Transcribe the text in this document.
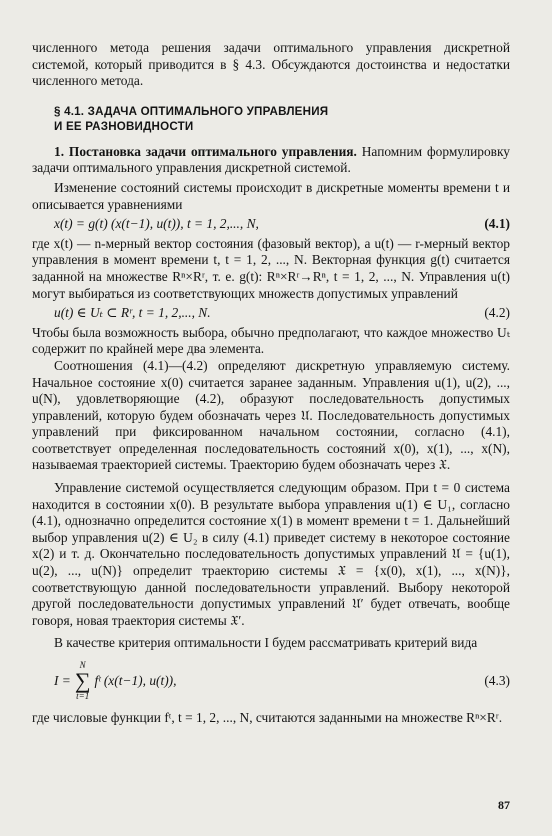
численного метода решения задачи оптимального управления дискретной системой, который приводится в § 4.3. Обсуждаются достоинства и недостатки численного метода.

§ 4.1. ЗАДАЧА ОПТИМАЛЬНОГО УПРАВЛЕНИЯ
И ЕЕ РАЗНОВИДНОСТИ

1. Постановка задачи оптимального управления. Напомним формулировку задачи оптимального управления дискретной системой.

Изменение состояний системы происходит в дискретные моменты времени t и описывается уравнениями

x(t) = g(t) (x(t−1), u(t)), t = 1, 2,..., N,	(4.1)

где x(t) — n-мерный вектор состояния (фазовый вектор), а u(t) — r-мерный вектор управления в момент времени t, t = 1, 2, ..., N. Векторная функция g(t) считается заданной на множестве Rⁿ×Rʳ, т. е. g(t): Rⁿ×Rʳ→Rⁿ, t = 1, 2, ..., N. Управления u(t) могут выбираться из соответствующих множеств допустимых управлений

u(t) ∈ Uₜ ⊂ Rʳ, t = 1, 2,..., N.	(4.2)

Чтобы была возможность выбора, обычно предполагают, что каждое множество Uₜ содержит по крайней мере два элемента.

Соотношения (4.1)—(4.2) определяют дискретную управляемую систему. Начальное состояние x(0) считается заранее заданным. Управления u(1), u(2), ..., u(N), удовлетворяющие (4.2), образуют последовательность допустимых управлений, которую будем обозначать через 𝔘. Последовательность допустимых управлений при фиксированном начальном состоянии, согласно (4.1), соответствует определенная последовательность состояний x(0), x(1), ..., x(N), называемая траекторией системы. Траекторию будем обозначать через 𝔛.

Управление системой осуществляется следующим образом. При t = 0 система находится в состоянии x(0). В результате выбора управления u(1) ∈ U₁, согласно (4.1), однозначно определится состояние x(1) в момент времени t = 1. Дальнейший выбор управления u(2) ∈ U₂ в силу (4.1) приведет систему в некоторое состояние x(2) и т. д. Окончательно последовательность допустимых управлений 𝔘 = {u(1), u(2), ..., u(N)} определит траекторию системы 𝔛 = {x(0), x(1), ..., x(N)}, соответствующую данной последовательности управлений. Выбору некоторой другой последовательности допустимых управлений 𝔘′ будет отвечать, вообще говоря, новая траектория системы 𝔛′.

В качестве критерия оптимальности I будем рассматривать критерий вида

I =
N
∑
t=1
fᵗ (x(t−1), u(t)),	(4.3)

где числовые функции fᵗ, t = 1, 2, ..., N, считаются заданными на множестве Rⁿ×Rʳ.

87
